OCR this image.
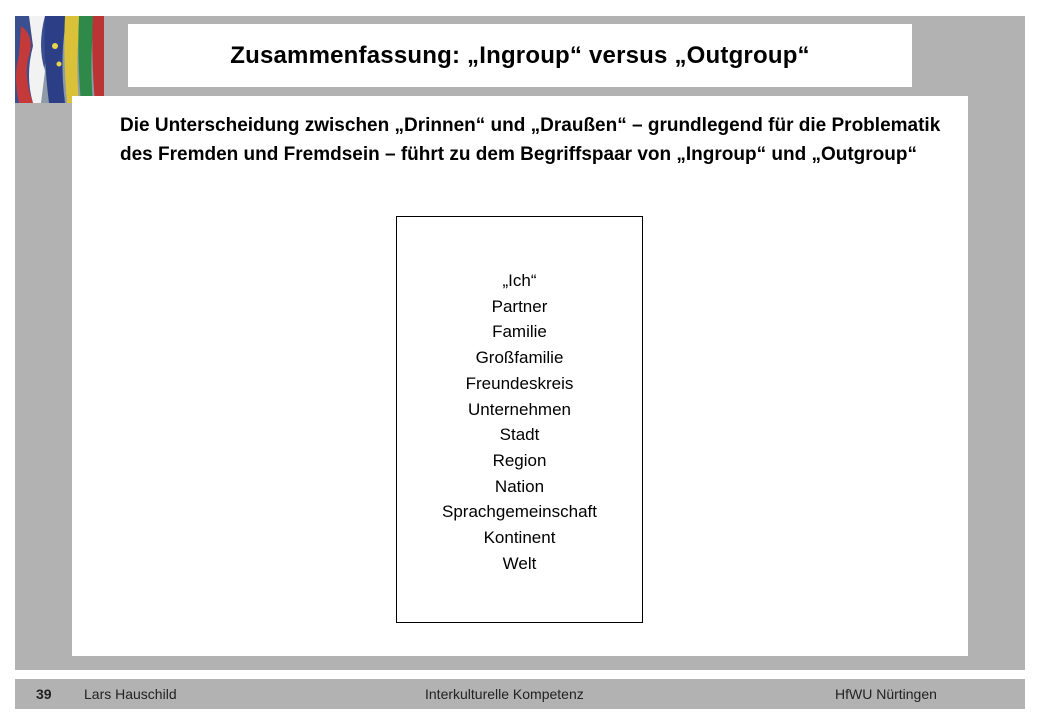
Zusammenfassung: „Ingroup“ versus „Outgroup“
Die Unterscheidung zwischen „Drinnen“ und „Draußen“ – grundlegend für die Problematik des Fremden und Fremdsein – führt zu dem Begriffspaar von „Ingroup“ und „Outgroup“
„Ich“
Partner
Familie
Großfamilie
Freundeskreis
Unternehmen
Stadt
Region
Nation
Sprachgemeinschaft
Kontinent
Welt
39 Lars Hauschild	Interkulturelle Kompetenz	HfWU Nürtingen
